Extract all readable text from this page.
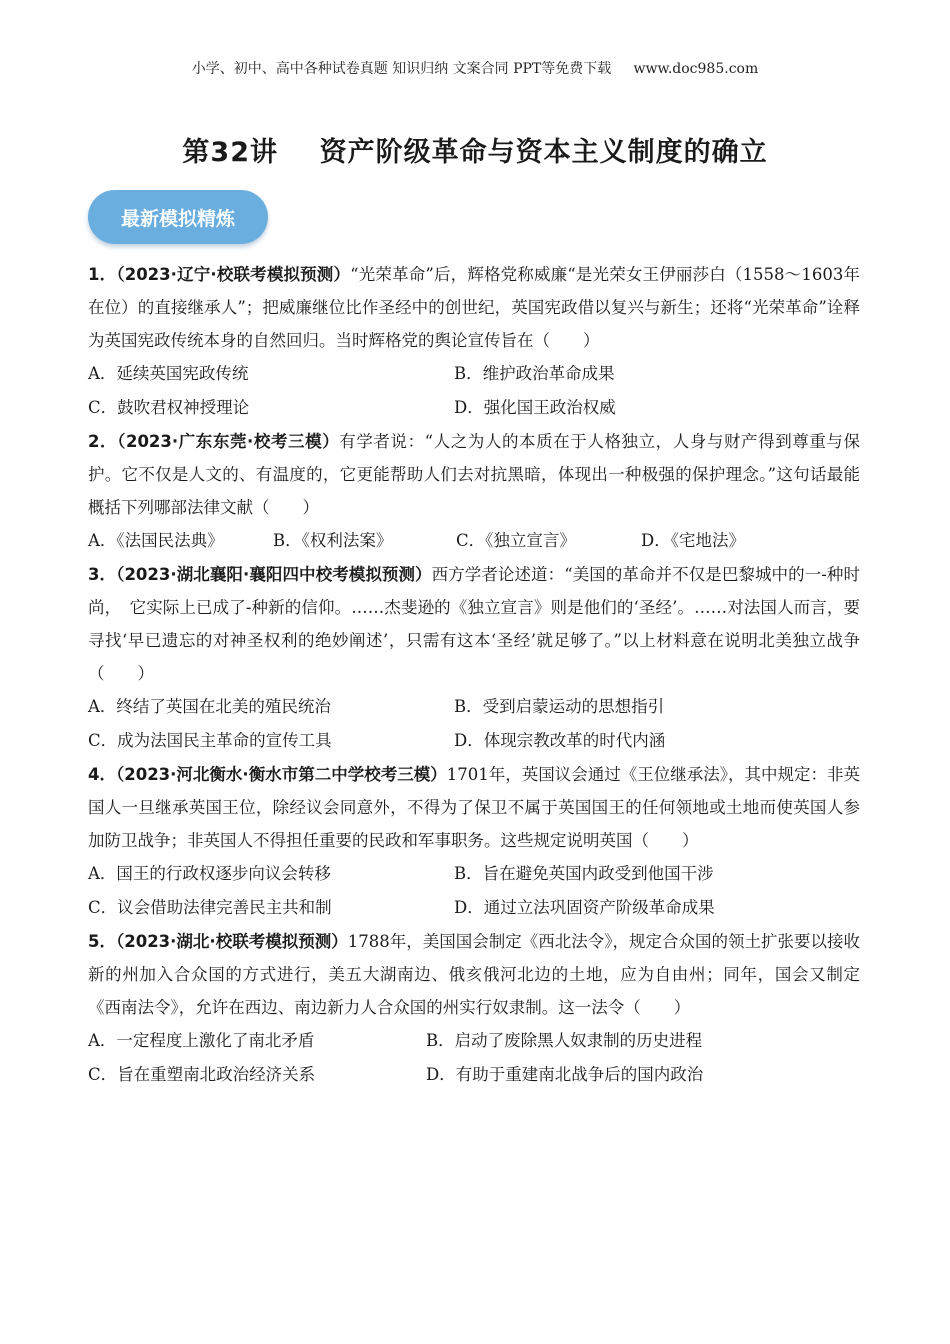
小学、初中、高中各种试卷真题 知识归纳 文案合同 PPT等免费下载 www.doc985.com
第32讲    资产阶级革命与资本主义制度的确立
最新模拟精炼
1．（2023·辽宁·校联考模拟预测）“光荣革命”后，辉格党称威廉“是光荣女王伊丽莎白（1558～1603年在位）的直接继承人”；把威廉继位比作圣经中的创世纪，英国宪政借以复兴与新生；还将“光荣革命”诠释为英国宪政传统本身的自然回归。当时辉格党的舆论宣传旨在（　　）
A．延续英国宪政传统	B．维护政治革命成果
C．鼓吹君权神授理论	D．强化国王政治权威
2．（2023·广东东莞·校考三模）有学者说：“人之为人的本质在于人格独立，人身与财产得到尊重与保护。它不仅是人文的、有温度的，它更能帮助人们去对抗黑暗，体现出一种极强的保护理念。”这句话最能概括下列哪部法律文献（　　）
A．《法国民法典》	B．《权利法案》	C．《独立宣言》	D．《宅地法》
3．（2023·湖北襄阳·襄阳四中校考模拟预测）西方学者论述道：“美国的革命并不仅是巴黎城中的一-种时尚，　它实际上已成了-种新的信仰。……杰斐逊的《独立宣言》则是他们的‘圣经’。……对法国人而言，要寻找‘早已遗忘的对神圣权利的绝妙阐述’，只需有这本‘圣经’就足够了。”以上材料意在说明北美独立战争（　　）
A．终结了英国在北美的殖民统治	B．受到启蒙运动的思想指引
C．成为法国民主革命的宣传工具	D．体现宗教改革的时代内涵
4．（2023·河北衡水·衡水市第二中学校考三模）1701年，英国议会通过《王位继承法》，其中规定：非英国人一旦继承英国王位，除经议会同意外，不得为了保卫不属于英国国王的任何领地或土地而使英国人参加防卫战争；非英国人不得担任重要的民政和军事职务。这些规定说明英国（　　）
A．国王的行政权逐步向议会转移	B．旨在避免英国内政受到他国干涉
C．议会借助法律完善民主共和制	D．通过立法巩固资产阶级革命成果
5．（2023·湖北·校联考模拟预测）1788年，美国国会制定《西北法令》，规定合众国的领土扩张要以接收新的州加入合众国的方式进行，美五大湖南边、俄亥俄河北边的土地，应为自由州；同年，国会又制定《西南法令》，允许在西边、南边新力人合众国的州实行奴隶制。这一法令（　　）
A．一定程度上激化了南北矛盾	B．启动了废除黑人奴隶制的历史进程
C．旨在重塑南北政治经济关系	D．有助于重建南北战争后的国内政治
